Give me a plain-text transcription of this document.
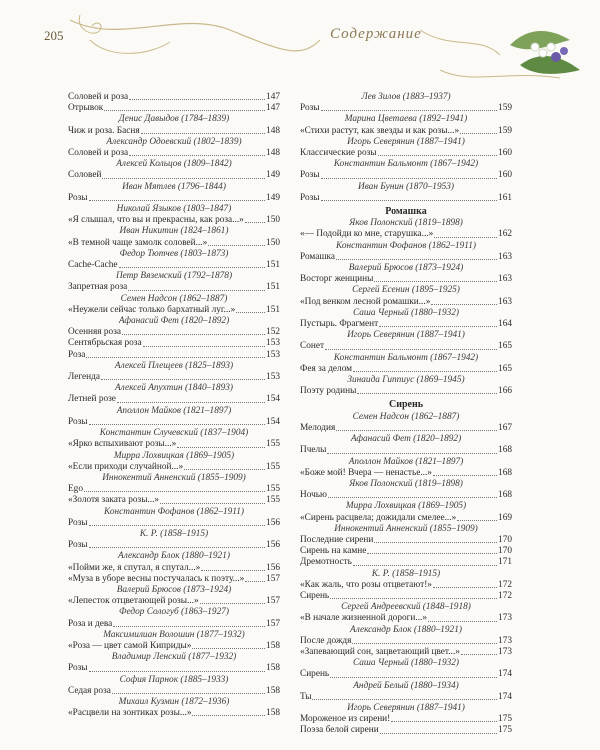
205	Содержание
Соловей и роза	147
Отрывок	147
Денис Давыдов (1784–1839)
Чиж и роза. Басня	148
Александр Одоевский (1802–1839)
Соловей и роза	148
Алексей Кольцов (1809–1842)
Соловей	149
Иван Мятлев (1796–1844)
Розы	149
Николай Языков (1803–1847)
«Я слышал, что вы и прекрасны, как роза...» 150
Иван Никитин (1824–1861)
«В темной чаще замолк соловей...»	150
Федор Тютчев (1803–1873)
Cache-Cache	151
Петр Вяземский (1792–1878)
Запретная роза	151
Семен Надсон (1862–1887)
«Неужели сейчас только бархатный луг...»	151
Афанасий Фет (1820–1892)
Осенняя роза	152
Сентябрьская роза	153
Роза	153
Алексей Плещеев (1825–1893)
Легенда	153
Алексей Апухтин (1840–1893)
Летней розе	154
Аполлон Майков (1821–1897)
Розы	154
Константин Случевский (1837–1904)
«Ярко вспыхивают розы...»	155
Мирра Лохвицкая (1869–1905)
«Если приходи случайной...»	155
Иннокентий Анненский (1855–1909)
Ego	155
«Золотя заката розы...»	155
Константин Фофанов (1862–1911)
Розы	156
К. Р. (1858–1915)
Розы	156
Александр Блок (1880–1921)
«Пойми же, я спутал, я спутал...»	156
«Муза в уборе весны постучалась к поэту...» 157
Валерий Брюсов (1873–1924)
«Лепесток отцветающей розы...»	157
Федор Сологуб (1863–1927)
Роза и дева	157
Максимилиан Волошин (1877–1932)
«Роза — цвет самой Киприды»	158
Владимир Ленский (1877–1932)
Розы	158
София Парнок (1885–1933)
Седая роза	158
Михаил Кузмин (1872–1936)
«Расцвели на зонтиках розы...»	158
Лев Зилов (1883–1937)
Розы	159
Марина Цветаева (1892–1941)
«Стихи растут, как звезды и как розы...»	159
Игорь Северянин (1887–1941)
Классические розы	160
Константин Бальмонт (1867–1942)
Розы	160
Иван Бунин (1870–1953)
Розы	161
Ромашка
Яков Полонский (1819–1898)
«— Подойди ко мне, старушка...»	162
Константин Фофанов (1862–1911)
Ромашка	163
Валерий Брюсов (1873–1924)
Восторг женщины	163
Сергей Есенин (1895–1925)
«Под венком лесной ромашки...»	163
Саша Черный (1880–1932)
Пустырь. Фрагмент	164
Игорь Северянин (1887–1941)
Сонет	165
Константин Бальмонт (1867–1942)
Фея за делом	165
Зинаида Гиппиус (1869–1945)
Поэту родины	166
Сирень
Семен Надсон (1862–1887)
Мелодия	167
Афанасий Фет (1820–1892)
Пчелы	168
Аполлон Майков (1821–1897)
«Боже мой! Вчера — ненастье...»	168
Яков Полонский (1819–1898)
Ночью	168
Мирра Лохвицкая (1869–1905)
«Сирень расцвела; дожидали смелее...»	169
Иннокентий Анненский (1855–1909)
Последние сирени	170
Сирень на камне	170
Дремотность	171
К. Р. (1858–1915)
«Как жаль, что розы отцветают!»	172
Сирень	172
Сергей Андреевский (1848–1918)
«В начале жизненной дороги...»	173
Александр Блок (1880–1921)
После дождя	173
«Запевающий сон, зацветающий цвет...»	173
Саша Черный (1880–1932)
Сирень	174
Андрей Белый (1880–1934)
Ты	174
Игорь Северянин (1887–1941)
Мороженое из сирени!	175
Поэза белой сирени	175
